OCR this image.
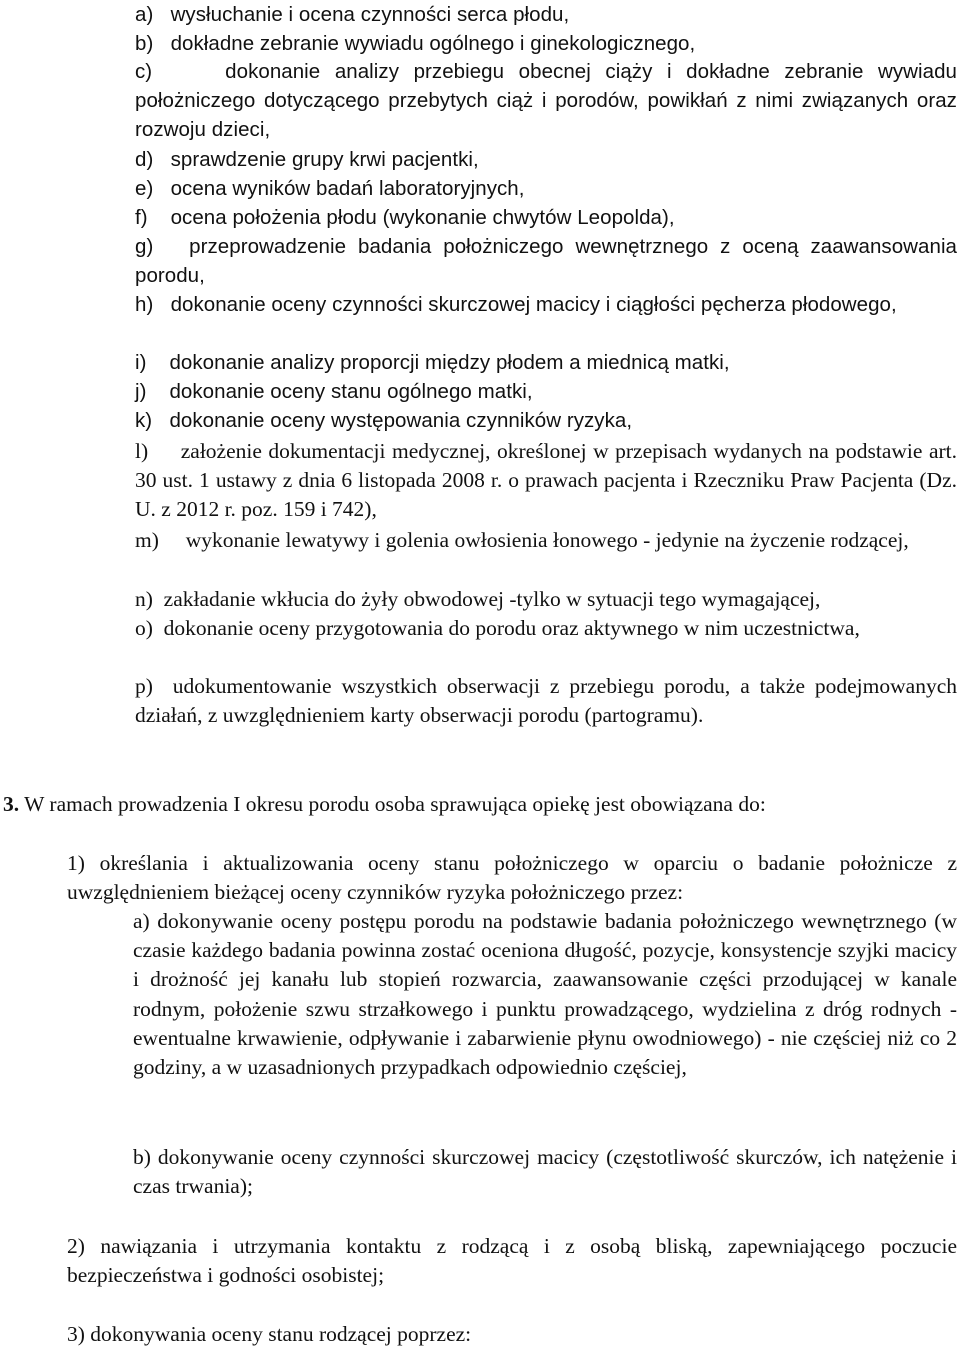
a) wysłuchanie i ocena czynności serca płodu,

b) dokładne zebranie wywiadu ogólnego i ginekologicznego,

c)	dokonanie analizy przebiegu obecnej ciąży i dokładne zebranie wywiadu położniczego dotyczącego przebytych ciąż i porodów, powikłań z nimi związanych oraz rozwoju dzieci,

d) sprawdzenie grupy krwi pacjentki,

e) ocena wyników badań laboratoryjnych,

f) ocena położenia płodu (wykonanie chwytów Leopolda),

g) przeprowadzenie badania położniczego wewnętrznego z oceną zaawansowania porodu,

h) dokonanie oceny czynności skurczowej macicy i ciągłości pęcherza płodowego,

i) dokonanie analizy proporcji między płodem a miednicą matki,

j) dokonanie oceny stanu ogólnego matki,

k) dokonanie oceny występowania czynników ryzyka,

l) założenie dokumentacji medycznej, określonej w przepisach wydanych na podstawie art. 30 ust. 1 ustawy z dnia 6 listopada 2008 r. o prawach pacjenta i Rzeczniku Praw Pacjenta (Dz. U. z 2012 r. poz. 159 i 742),

m) wykonanie lewatywy i golenia owłosienia łonowego - jedynie na życzenie rodzącej,

n) zakładanie wkłucia do żyły obwodowej -tylko w sytuacji tego wymagającej,

o) dokonanie oceny przygotowania do porodu oraz aktywnego w nim uczestnictwa,

p) udokumentowanie wszystkich obserwacji z przebiegu porodu, a także podejmowanych działań, z uwzględnieniem karty obserwacji porodu (partogramu).

3. W ramach prowadzenia I okresu porodu osoba sprawująca opiekę jest obowiązana do:

1) określania i aktualizowania oceny stanu położniczego w oparciu o badanie położnicze z uwzględnieniem bieżącej oceny czynników ryzyka położniczego przez:

a) dokonywanie oceny postępu porodu na podstawie badania położniczego wewnętrznego (w czasie każdego badania powinna zostać oceniona długość, pozycje, konsystencje szyjki macicy i drożność jej kanału lub stopień rozwarcia, zaawansowanie części przodującej w kanale rodnym, położenie szwu strzałkowego i punktu prowadzącego, wydzielina z dróg rodnych - ewentualne krwawienie, odpływanie i zabarwienie płynu owodniowego) - nie częściej niż co 2 godziny, a w uzasadnionych przypadkach odpowiednio częściej,

b) dokonywanie oceny czynności skurczowej macicy (częstotliwość skurczów, ich natężenie i czas trwania);

2) nawiązania i utrzymania kontaktu z rodzącą i z osobą bliską, zapewniającego poczucie bezpieczeństwa i godności osobistej;

3) dokonywania oceny stanu rodzącej poprzez:
